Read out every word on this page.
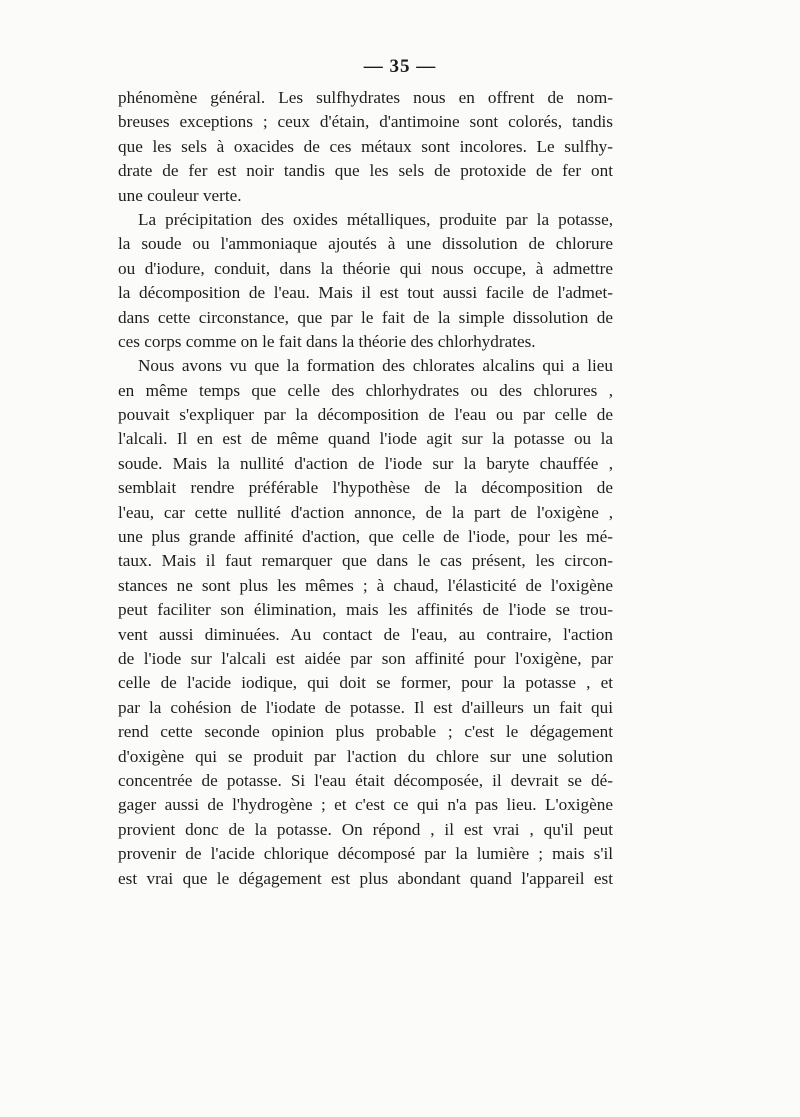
— 35 —

phénomène général. Les sulfhydrates nous en offrent de nom-
breuses exceptions ; ceux d'étain, d'antimoine sont colorés, tandis
que les sels à oxacides de ces métaux sont incolores. Le sulfhy-
drate de fer est noir tandis que les sels de protoxide de fer ont
une couleur verte.

La précipitation des oxides métalliques, produite par la potasse,
la soude ou l'ammoniaque ajoutés à une dissolution de chlorure
ou d'iodure, conduit, dans la théorie qui nous occupe, à admettre
la décomposition de l'eau. Mais il est tout aussi facile de l'admet-
dans cette circonstance, que par le fait de la simple dissolution de
ces corps comme on le fait dans la théorie des chlorhydrates.

Nous avons vu que la formation des chlorates alcalins qui a lieu
en même temps que celle des chlorhydrates ou des chlorures ,
pouvait s'expliquer par la décomposition de l'eau ou par celle de
l'alcali. Il en est de même quand l'iode agit sur la potasse ou la
soude. Mais la nullité d'action de l'iode sur la baryte chauffée ,
semblait rendre préférable l'hypothèse de la décomposition de
l'eau, car cette nullité d'action annonce, de la part de l'oxigène ,
une plus grande affinité d'action, que celle de l'iode, pour les mé-
taux. Mais il faut remarquer que dans le cas présent, les circon-
stances ne sont plus les mêmes ; à chaud, l'élasticité de l'oxigène
peut faciliter son élimination, mais les affinités de l'iode se trou-
vent aussi diminuées. Au contact de l'eau, au contraire, l'action
de l'iode sur l'alcali est aidée par son affinité pour l'oxigène, par
celle de l'acide iodique, qui doit se former, pour la potasse , et
par la cohésion de l'iodate de potasse. Il est d'ailleurs un fait qui
rend cette seconde opinion plus probable ; c'est le dégagement
d'oxigène qui se produit par l'action du chlore sur une solution
concentrée de potasse. Si l'eau était décomposée, il devrait se dé-
gager aussi de l'hydrogène ; et c'est ce qui n'a pas lieu. L'oxigène
provient donc de la potasse. On répond , il est vrai , qu'il peut
provenir de l'acide chlorique décomposé par la lumière ; mais s'il
est vrai que le dégagement est plus abondant quand l'appareil est
